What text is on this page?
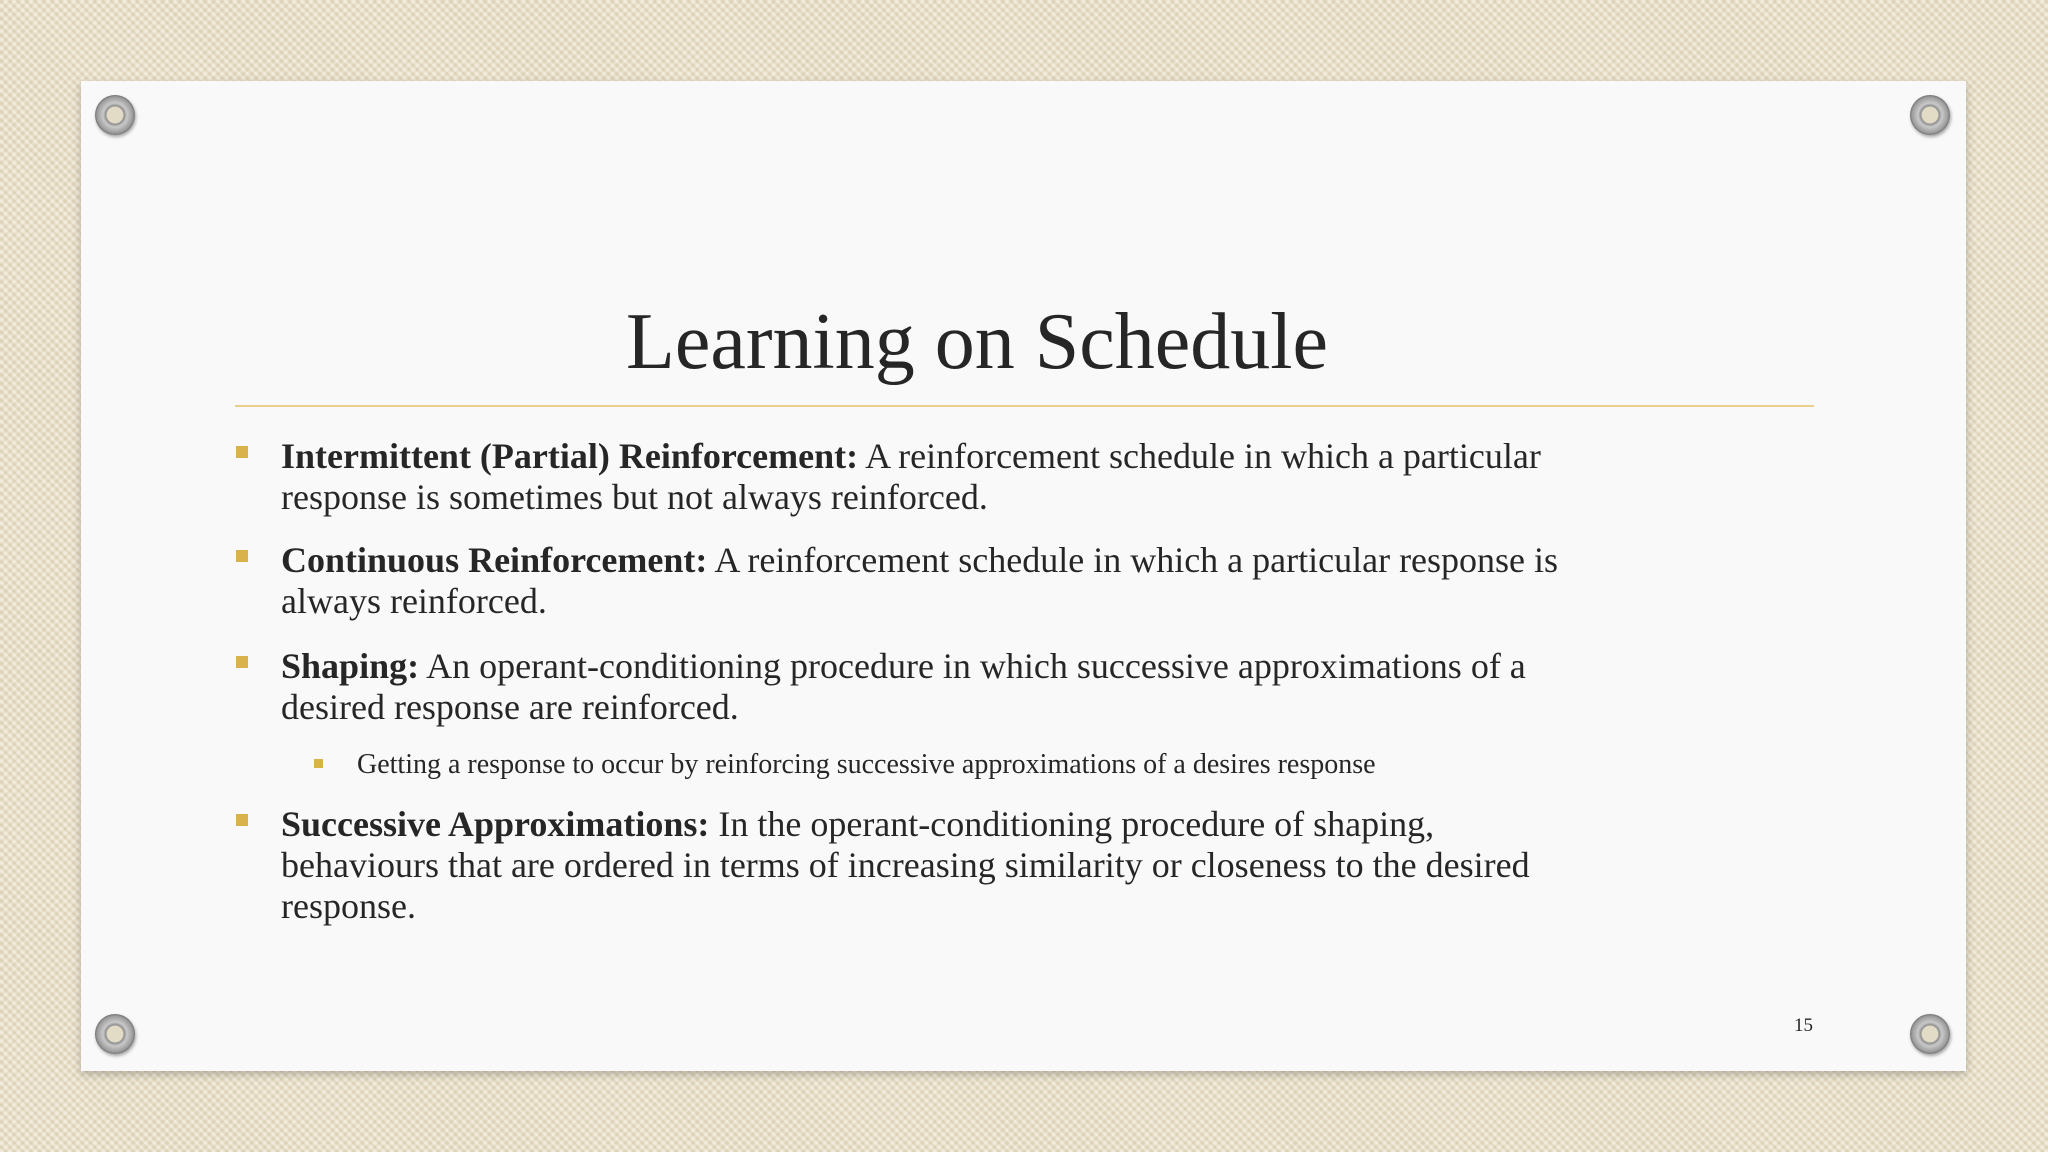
Learning on Schedule
Intermittent (Partial) Reinforcement: A reinforcement schedule in which a particular
response is sometimes but not always reinforced.
Continuous Reinforcement: A reinforcement schedule in which a particular response is
always reinforced.
Shaping: An operant-conditioning procedure in which successive approximations of a
desired response are reinforced.
Getting a response to occur by reinforcing successive approximations of a desires response
Successive Approximations: In the operant-conditioning procedure of shaping,
behaviours that are ordered in terms of increasing similarity or closeness to the desired
response.
15
